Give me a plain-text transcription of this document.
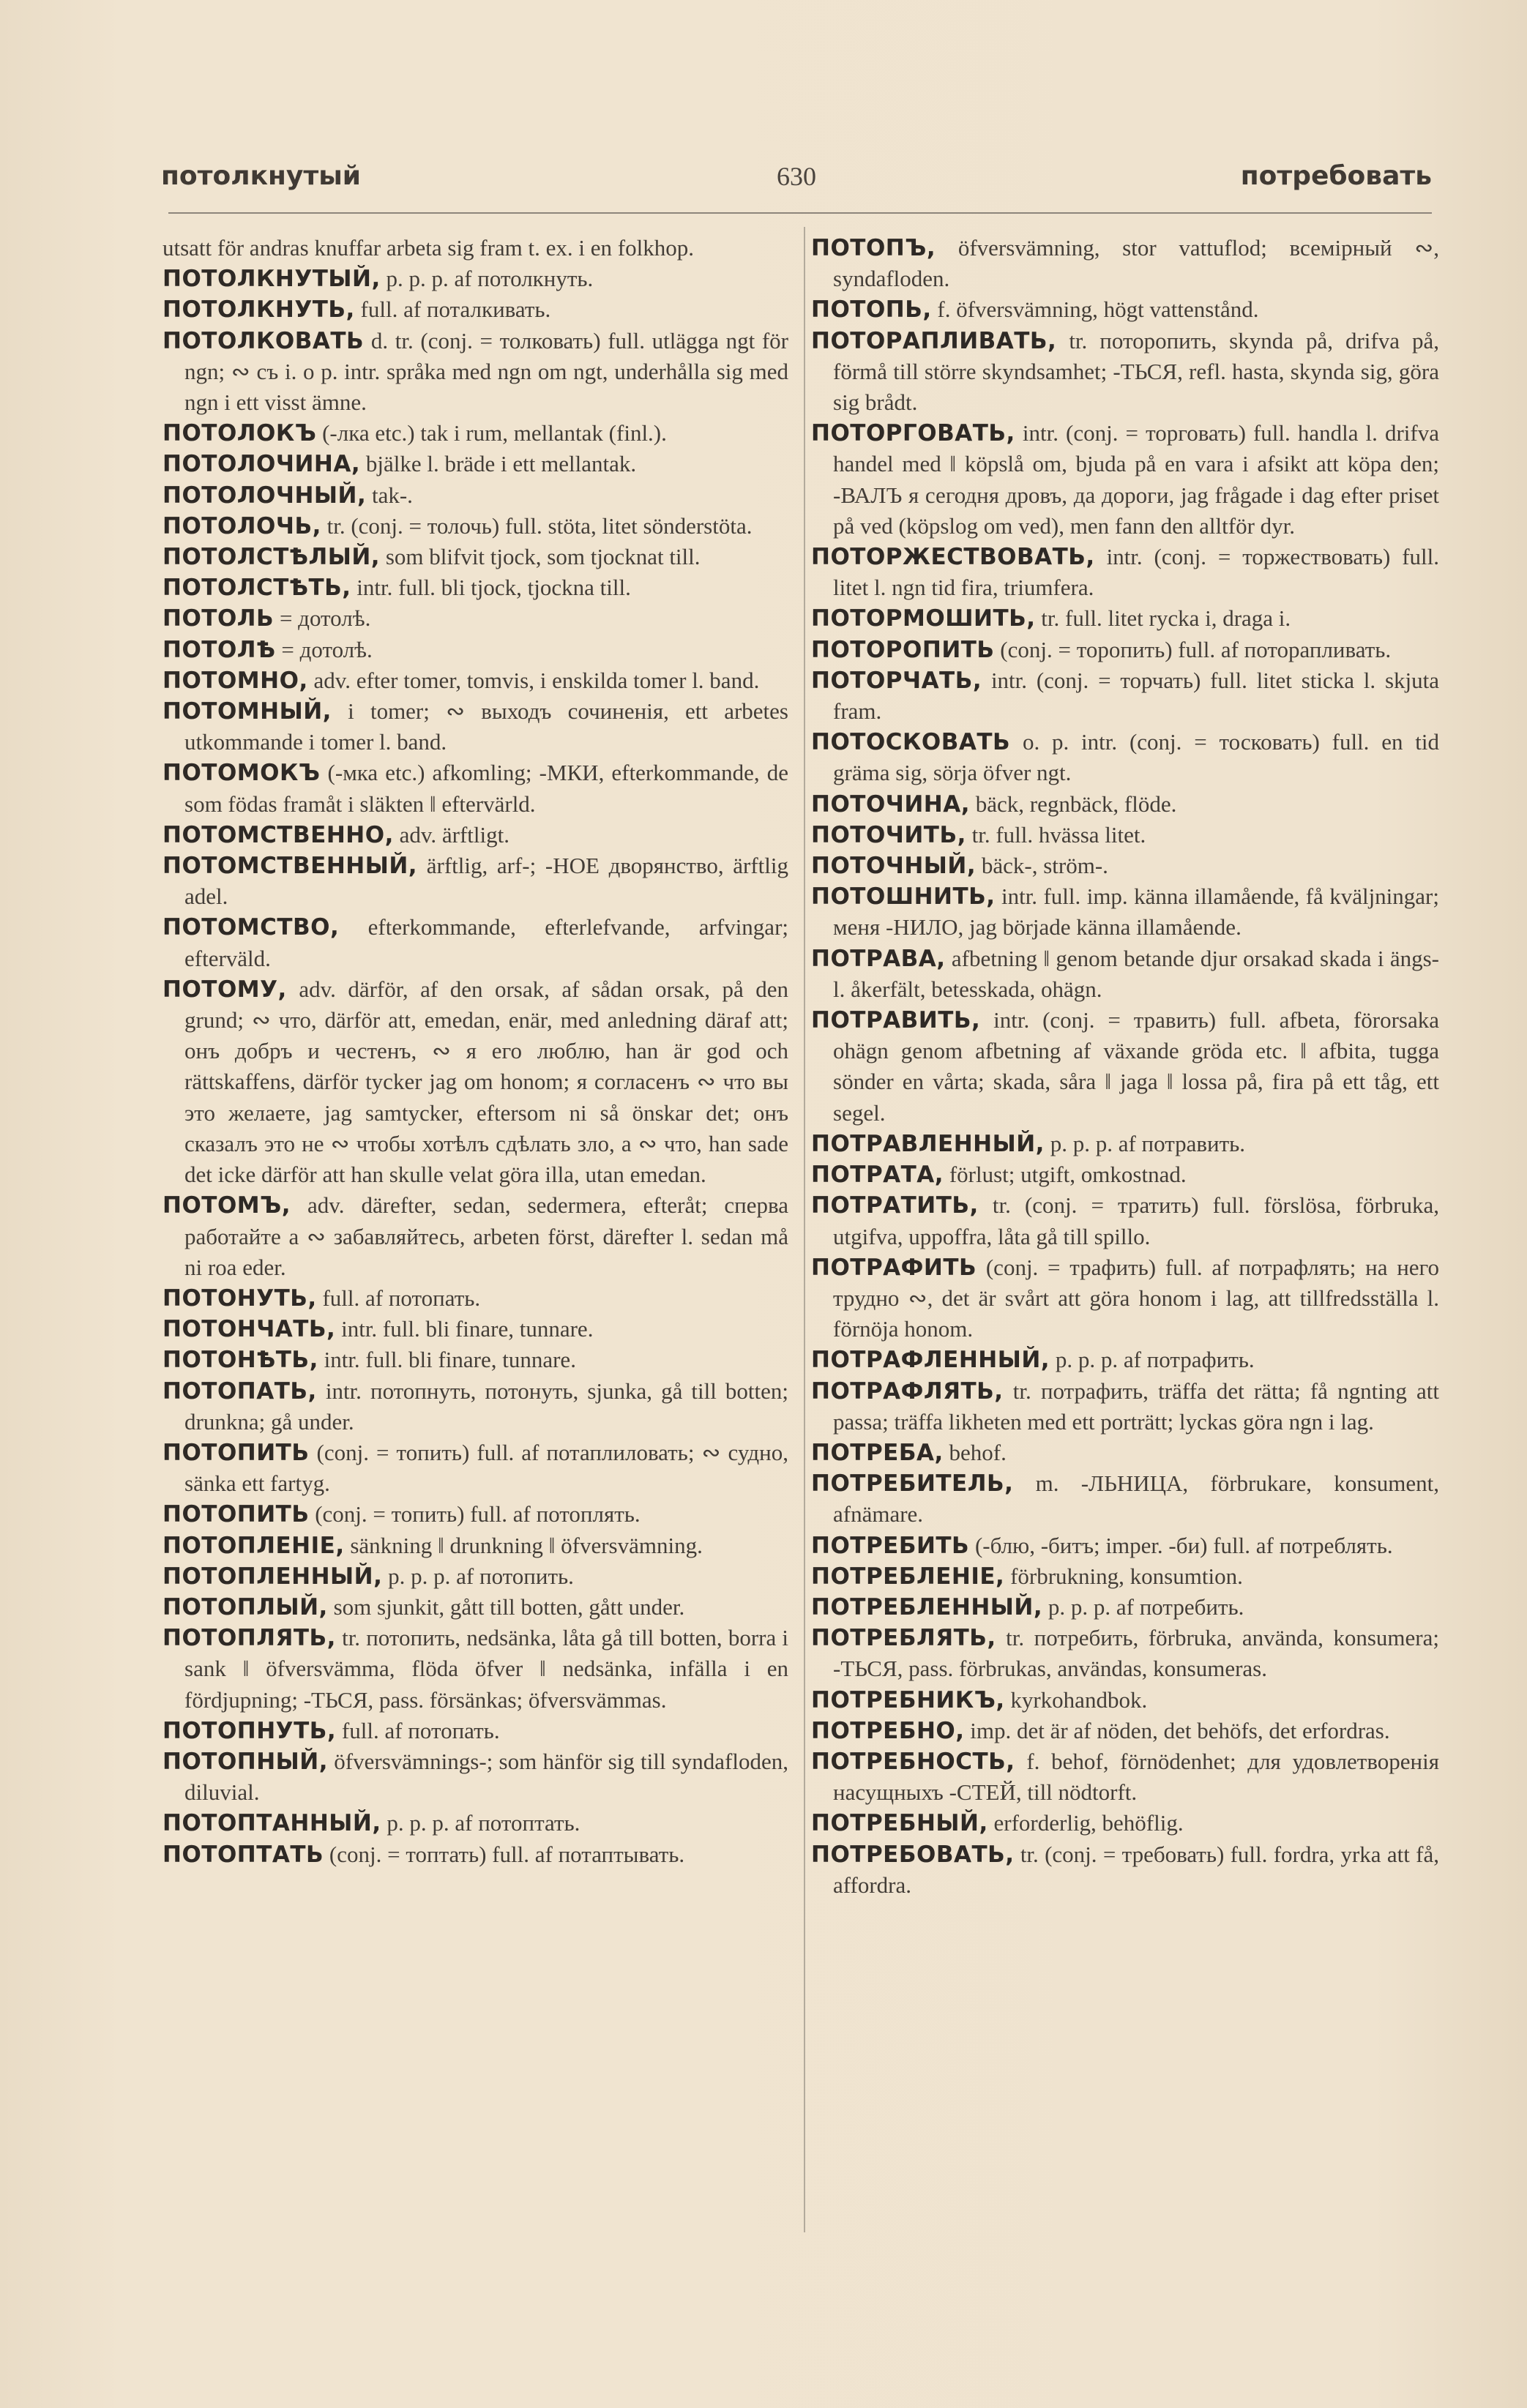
потолкнутый	630	потребовать

utsatt för andras knuffar arbeta sig fram t. ex. i en folkhop.

ПОТОЛКНУТЫЙ, p. p. p. af потолкнуть.

ПОТОЛКНУТЬ, full. af поталкивать.

ПОТОЛКОВАТЬ d. tr. (conj. = толковать) full. utlägga ngt för ngn; ∾ съ i. o p. intr. språka med ngn om ngt, underhålla sig med ngn i ett visst ämne.

ПОТОЛОКЪ (-лка etc.) tak i rum, mellantak (finl.).

ПОТОЛОЧИНА, bjälke l. bräde i ett mellantak.

ПОТОЛОЧНЫЙ, tak-.

ПОТОЛОЧЬ, tr. (conj. = толочь) full. stöta, litet sönderstöta.

ПОТОЛСТѢЛЫЙ, som blifvit tjock, som tjocknat till.

ПОТОЛСТѢТЬ, intr. full. bli tjock, tjockna till.

ПОТОЛЬ = дотолѣ.

ПОТОЛѢ = дотолѣ.

ПОТОМНО, adv. efter tomer, tomvis, i enskilda tomer l. band.

ПОТОМНЫЙ, i tomer; ∾ выходъ сочиненія, ett arbetes utkommande i tomer l. band.

ПОТОМОКЪ (-мка etc.) afkomling; -МКИ, efterkommande, de som födas framåt i släkten ‖ eftervärld.

ПОТОМСТВЕННО, adv. ärftligt.

ПОТОМСТВЕННЫЙ, ärftlig, arf-; -НОЕ дворянство, ärftlig adel.

ПОТОМСТВО, efterkommande, efterlefvande, arfvingar; efterväld.

ПОТОМУ, adv. därför, af den orsak, af sådan orsak, på den grund; ∾ что, därför att, emedan, enär, med anledning däraf att; онъ добръ и честенъ, ∾ я его люблю, han är god och rättskaffens, därför tycker jag om honom; я согласенъ ∾ что вы это желаете, jag samtycker, eftersom ni så önskar det; онъ сказалъ это не ∾ чтобы хотѣлъ сдѣлать зло, а ∾ что, han sade det icke därför att han skulle velat göra illa, utan emedan.

ПОТОМЪ, adv. därefter, sedan, sedermera, efteråt; сперва работайте а ∾ забавляйтесь, arbeten först, därefter l. sedan må ni roa eder.

ПОТОНУТЬ, full. af потопать.

ПОТОНЧАТЬ, intr. full. bli finare, tunnare.

ПОТОНѢТЬ, intr. full. bli finare, tunnare.

ПОТОПАТЬ, intr. потопнуть, потонуть, sjunka, gå till botten; drunkna; gå under.

ПОТОПИТЬ (conj. = топить) full. af потаплиловать; ∾ судно, sänka ett fartyg.

ПОТОПИТЬ (conj. = топить) full. af потоплять.

ПОТОПЛЕНІЕ, sänkning ‖ drunkning ‖ öfversvämning.

ПОТОПЛЕННЫЙ, p. p. p. af потопить.

ПОТОПЛЫЙ, som sjunkit, gått till botten, gått under.

ПОТОПЛЯТЬ, tr. потопить, nedsänka, låta gå till botten, borra i sank ‖ öfversvämma, flöda öfver ‖ nedsänka, infälla i en fördjupning; -ТЬСЯ, pass. försänkas; öfversvämmas.

ПОТОПНУТЬ, full. af потопать.

ПОТОПНЫЙ, öfversvämnings-; som hänför sig till syndafloden, diluvial.

ПОТОПТАННЫЙ, p. p. p. af потоптать.

ПОТОПТАТЬ (conj. = топтать) full. af потаптывать.

ПОТОПЪ, öfversvämning, stor vattuflod; всемірный ∾, syndafloden.

ПОТОПЬ, f. öfversvämning, högt vattenstånd.

ПОТОРАПЛИВАТЬ, tr. поторопить, skynda på, drifva på, förmå till större skyndsamhet; -ТЬСЯ, refl. hasta, skynda sig, göra sig brådt.

ПОТОРГОВАТЬ, intr. (conj. = торговать) full. handla l. drifva handel med ‖ köpslå om, bjuda på en vara i afsikt att köpa den; -ВАЛЪ я сегодня дровъ, да дороги, jag frågade i dag efter priset på ved (köpslog om ved), men fann den alltför dyr.

ПОТОРЖЕСТВОВАТЬ, intr. (conj. = торжествовать) full. litet l. ngn tid fira, triumfera.

ПОТОРМОШИТЬ, tr. full. litet rycka i, draga i.

ПОТОРОПИТЬ (conj. = торопить) full. af поторапливать.

ПОТОРЧАТЬ, intr. (conj. = торчать) full. litet sticka l. skjuta fram.

ПОТОСКОВАТЬ o. p. intr. (conj. = тосковать) full. en tid gräma sig, sörja öfver ngt.

ПОТОЧИНА, bäck, regnbäck, flöde.

ПОТОЧИТЬ, tr. full. hvässa litet.

ПОТОЧНЫЙ, bäck-, ström-.

ПОТОШНИТЬ, intr. full. imp. känna illamående, få kväljningar; меня -НИЛО, jag började känna illamående.

ПОТРАВА, afbetning ‖ genom betande djur orsakad skada i ängs- l. åkerfält, betesskada, ohägn.

ПОТРАВИТЬ, intr. (conj. = травить) full. afbeta, förorsaka ohägn genom afbetning af växande gröda etc. ‖ afbita, tugga sönder en vårta; skada, såra ‖ jaga ‖ lossa på, fira på ett tåg, ett segel.

ПОТРАВЛЕННЫЙ, p. p. p. af потравить.

ПОТРАТА, förlust; utgift, omkostnad.

ПОТРАТИТЬ, tr. (conj. = тратить) full. förslösa, förbruka, utgifva, uppoffra, låta gå till spillo.

ПОТРАФИТЬ (conj. = трафить) full. af потрафлять; на него трудно ∾, det är svårt att göra honom i lag, att tillfredsställa l. förnöja honom.

ПОТРАФЛЕННЫЙ, p. p. p. af потрафить.

ПОТРАФЛЯТЬ, tr. потрафить, träffa det rätta; få ngnting att passa; träffa likheten med ett porträtt; lyckas göra ngn i lag.

ПОТРЕБА, behof.

ПОТРЕБИТЕЛЬ, m. -ЛЬНИЦА, förbrukare, konsument, afnämare.

ПОТРЕБИТЬ (-блю, -битъ; imper. -би) full. af потреблять.

ПОТРЕБЛЕНІЕ, förbrukning, konsumtion.

ПОТРЕБЛЕННЫЙ, p. p. p. af потребить.

ПОТРЕБЛЯТЬ, tr. потребить, förbruka, använda, konsumera; -ТЬСЯ, pass. förbrukas, användas, konsumeras.

ПОТРЕБНИКЪ, kyrkohandbok.

ПОТРЕБНО, imp. det är af nöden, det behöfs, det erfordras.

ПОТРЕБНОСТЬ, f. behof, förnödenhet; для удовлетворенія насущныхъ -СТЕЙ, till nödtorft.

ПОТРЕБНЫЙ, erforderlig, behöflig.

ПОТРЕБОВАТЬ, tr. (conj. = требовать) full. fordra, yrka att få, affordra.
